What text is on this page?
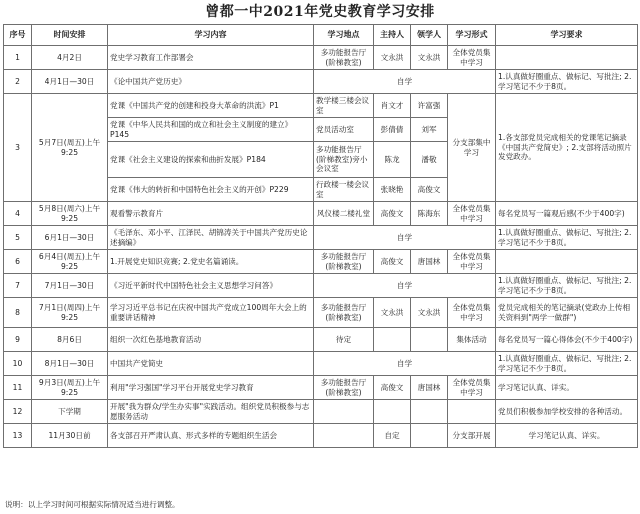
曾都一中2021年党史教育学习安排
序号	时间安排	学习内容	学习地点	主持人	领学人	学习形式	学习要求
1	4月2日	党史学习教育工作部署会	多功能报告厅(阶梯教室)	文永洪	文永洪	全体党员集中学习	
2	4月1日—30日	《论中国共产党历史》	自学				1.认真做好圈重点、做标记、写批注; 2.学习笔记不少于8页。
3	5月7日(周五)上午9:25	党课《中国共产党的创建和投身大革命的洪流》P1	教学楼三楼会议室	肖文才	许富强	分支部集中学习	1.各支部党员完成相关的党课笔记摘录《中国共产党简史》; 2.支部将活动照片发党政办。
		党课《中华人民共和国的成立和社会主义制度的建立》P145	党员活动室	彭倩倩	刘军		
		党课《社会主义建设的探索和曲折发展》P184	多功能报告厅(阶梯教室)旁小会议室	陈龙	潘敬		
		党课《伟大的转折和中国特色社会主义的开创》P229	行政楼一楼会议室	张晓艳	高俊文		
4	5月8日(周六)上午9:25	观看警示教育片	风仪楼二楼礼堂	高俊文	陈海东	全体党员集中学习	每名党员写一篇观后感(不少于400字)
5	6月1日—30日	《毛泽东、邓小平、江泽民、胡锦涛关于中国共产党历史论述摘编》	自学				1.认真做好圈重点、做标记、写批注; 2.学习笔记不少于8页。
6	6月4日(周五)上午9:25	1.开展党史知识竞赛; 2.党史名篇诵读。	多功能报告厅(阶梯教室)	高俊文	唐国林	全体党员集中学习	
7	7月1日—30日	《习近平新时代中国特色社会主义思想学习问答》	自学				1.认真做好圈重点、做标记、写批注; 2.学习笔记不少于8页。
8	7月1日(周四)上午9:25	学习习近平总书记在庆祝中国共产党成立100周年大会上的重要讲话精神	多功能报告厅(阶梯教室)	文永洪	文永洪	全体党员集中学习	党员完成相关的笔记摘录(党政办上传相关资料到"两学一做群")
9	8月6日	组织一次红色基地教育活动	待定			集体活动	每名党员写一篇心得体会(不少于400字)
10	8月1日—30日	中国共产党简史	自学				1.认真做好圈重点、做标记、写批注; 2.学习笔记不少于8页。
11	9月3日(周五)上午9:25	利用"学习强国"学习平台开展党史学习教育	多功能报告厅(阶梯教室)	高俊文	唐国林	全体党员集中学习	学习笔记认真、详实。
12	下学期	开展"我为群众/学生办实事"实践活动。组织党员积极参与志愿服务活动					党员们积极参加学校安排的各种活动。
13	11月30日前	各支部召开严肃认真、形式多样的专题组织生活会		自定		分支部开展	学习笔记认真、详实。
说明：以上学习时间可根据实际情况适当进行调整。
